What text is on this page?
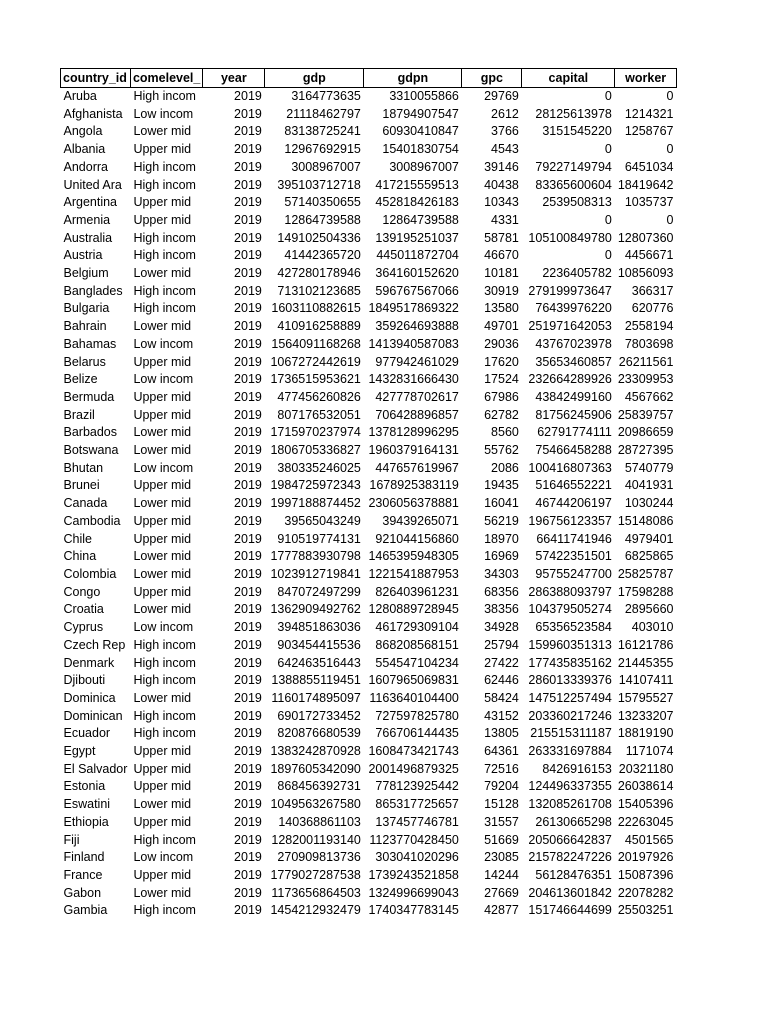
country_id	comelevel_	year	gdp	gdpn	gpc	capital	worker
Aruba	High incom	2019	3164773635	3310055866	29769	0	0
Afghanista	Low incom	2019	21118462797	18794907547	2612	28125613978	1214321
Angola	Lower mid	2019	83138725241	60930410847	3766	3151545220	1258767
Albania	Upper mid	2019	12967692915	15401830754	4543	0	0
Andorra	High incom	2019	3008967007	3008967007	39146	79227149794	6451034
United Ara	High incom	2019	395103712718	417215559513	40438	83365600604	18419642
Argentina	Upper mid	2019	57140350655	452818426183	10343	2539508313	1035737
Armenia	Upper mid	2019	12864739588	12864739588	4331	0	0
Australia	High incom	2019	149102504336	139195251037	58781	105100849780	12807360
Austria	High incom	2019	41442365720	445011872704	46670	0	4456671
Belgium	Lower mid	2019	427280178946	364160152620	10181	2236405782	10856093
Banglades	High incom	2019	713102123685	596767567066	30919	279199973647	366317
Bulgaria	High incom	2019	1603110882615	1849517869322	13580	76439976220	620776
Bahrain	Lower mid	2019	410916258889	359264693888	49701	251971642053	2558194
Bahamas	Low incom	2019	1564091168268	1413940587083	29036	43767023978	7803698
Belarus	Upper mid	2019	1067272442619	977942461029	17620	35653460857	26211561
Belize	Low incom	2019	1736515953621	1432831666430	17524	232664289926	23309953
Bermuda	Upper mid	2019	477456260826	427778702617	67986	43842499160	4567662
Brazil	Upper mid	2019	807176532051	706428896857	62782	81756245906	25839757
Barbados	Lower mid	2019	1715970237974	1378128996295	8560	62791774111	20986659
Botswana	Lower mid	2019	1806705336827	1960379164131	55762	75466458288	28727395
Bhutan	Low incom	2019	380335246025	447657619967	2086	100416807363	5740779
Brunei	Upper mid	2019	1984725972343	1678925383119	19435	51646552221	4041931
Canada	Lower mid	2019	1997188874452	2306056378881	16041	46744206197	1030244
Cambodia	Upper mid	2019	39565043249	39439265071	56219	196756123357	15148086
Chile	Upper mid	2019	910519774131	921044156860	18970	66411741946	4979401
China	Lower mid	2019	1777883930798	1465395948305	16969	57422351501	6825865
Colombia	Lower mid	2019	1023912719841	1221541887953	34303	95755247700	25825787
Congo	Upper mid	2019	847072497299	826403961231	68356	286388093797	17598288
Croatia	Lower mid	2019	1362909492762	1280889728945	38356	104379505274	2895660
Cyprus	Low incom	2019	394851863036	461729309104	34928	65356523584	403010
Czech Rep	High incom	2019	903454415536	868208568151	25794	159960351313	16121786
Denmark	High incom	2019	642463516443	554547104234	27422	177435835162	21445355
Djibouti	High incom	2019	1388855119451	1607965069831	62446	286013339376	14107411
Dominica	Lower mid	2019	1160174895097	1163640104400	58424	147512257494	15795527
Dominican	High incom	2019	690172733452	727597825780	43152	203360217246	13233207
Ecuador	High incom	2019	820876680539	766706144435	13805	215515311187	18819190
Egypt	Upper mid	2019	1383242870928	1608473421743	64361	263331697884	1171074
El Salvador	Upper mid	2019	1897605342090	2001496879325	72516	8426916153	20321180
Estonia	Upper mid	2019	868456392731	778123925442	79204	124496337355	26038614
Eswatini	Lower mid	2019	1049563267580	865317725657	15128	132085261708	15405396
Ethiopia	Upper mid	2019	140368861103	137457746781	31557	26130665298	22263045
Fiji	High incom	2019	1282001193140	1123770428450	51669	205066642837	4501565
Finland	Low incom	2019	270909813736	303041020296	23085	215782247226	20197926
France	Upper mid	2019	1779027287538	1739243521858	14244	56128476351	15087396
Gabon	Lower mid	2019	1173656864503	1324996699043	27669	204613601842	22078282
Gambia	High incom	2019	1454212932479	1740347783145	42877	151746644699	25503251
